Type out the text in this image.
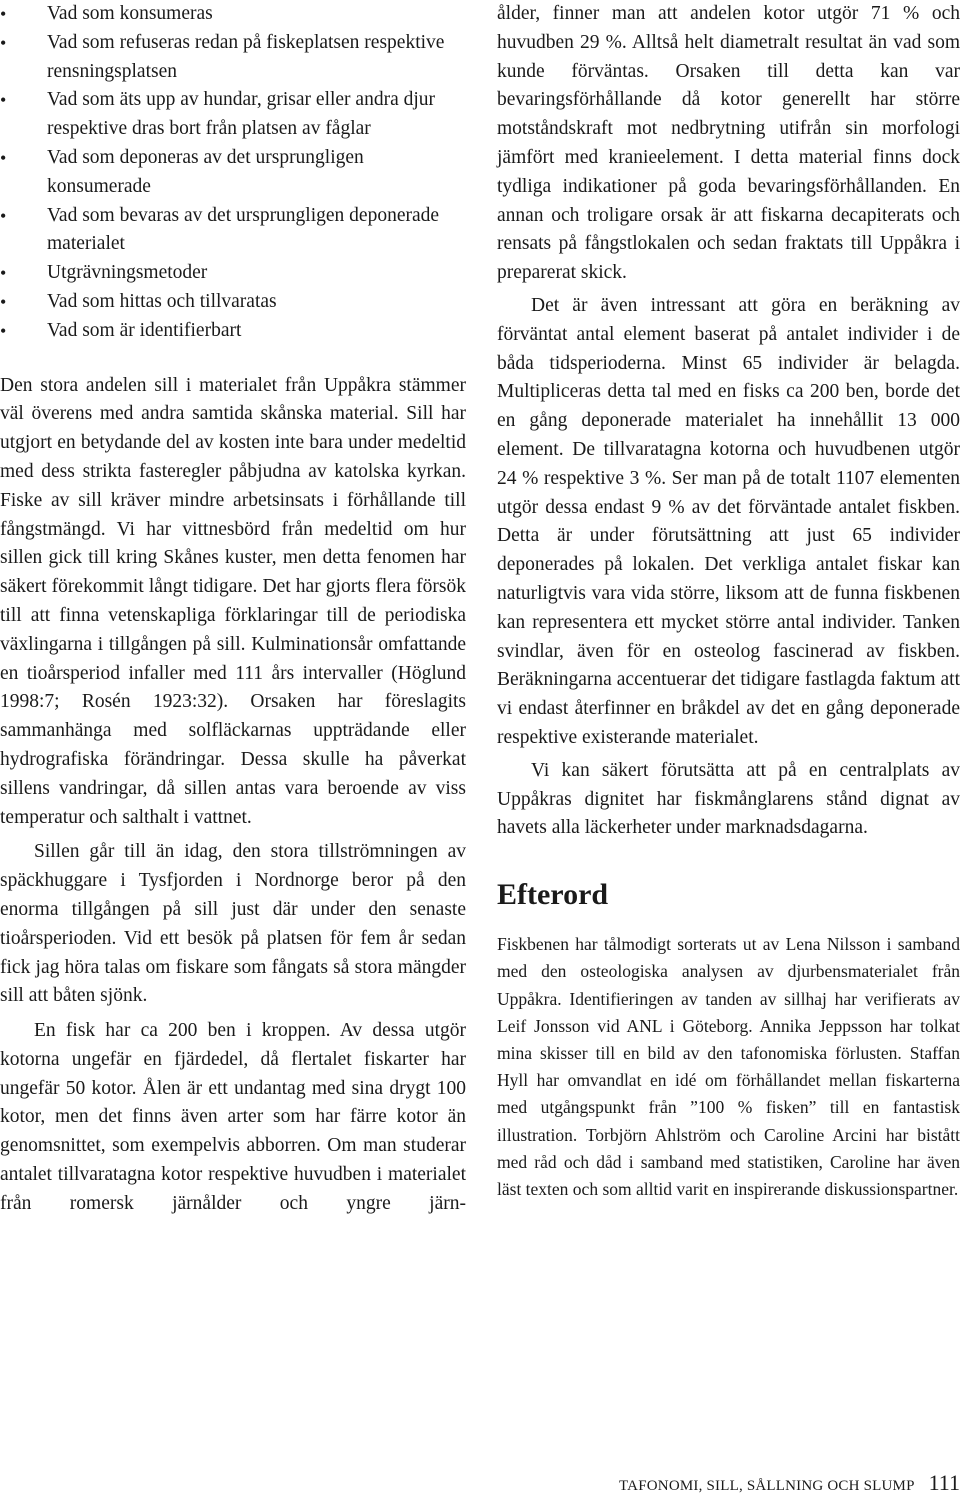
• Vad som konsumeras
• Vad som refuseras redan på fiskeplatsen respektive rensningsplatsen
• Vad som äts upp av hundar, grisar eller andra djur respektive dras bort från platsen av fåglar
• Vad som deponeras av det ursprungligen konsumerade
• Vad som bevaras av det ursprungligen deponerade materialet
• Utgrävningsmetoder
• Vad som hittas och tillvaratas
• Vad som är identifierbart

Den stora andelen sill i materialet från Uppåkra stämmer väl överens med andra samtida skånska material. Sill har utgjort en betydande del av kosten inte bara under medeltid med dess strikta fasteregler påbjudna av katolska kyrkan. Fiske av sill kräver mindre arbetsinsats i förhållande till fångstmängd. Vi har vittnesbörd från medeltid om hur sillen gick till kring Skånes kuster, men detta fenomen har säkert förekommit långt tidigare. Det har gjorts flera försök till att finna vetenskapliga förklaringar till de periodiska växlingarna i tillgången på sill. Kulminationsår omfattande en tioårsperiod infaller med 111 års intervaller (Höglund 1998:7; Rosén 1923:32). Orsaken har föreslagits sammanhänga med solfläckarnas uppträdande eller hydrografiska förändringar. Dessa skulle ha påverkat sillens vandringar, då sillen antas vara beroende av viss temperatur och salthalt i vattnet.

Sillen går till än idag, den stora tillströmningen av späckhuggare i Tysfjorden i Nordnorge beror på den enorma tillgången på sill just där under den senaste tioårsperioden. Vid ett besök på platsen för fem år sedan fick jag höra talas om fiskare som fångats så stora mängder sill att båten sjönk.

En fisk har ca 200 ben i kroppen. Av dessa utgör kotorna ungefär en fjärdedel, då flertalet fiskarter har ungefär 50 kotor. Ålen är ett undantag med sina drygt 100 kotor, men det finns även arter som har färre kotor än genomsnittet, som exempelvis abborren. Om man studerar antalet tillvaratagna kotor respektive huvudben i materialet från romersk järnålder och yngre järn-

ålder, finner man att andelen kotor utgör 71 % och huvudben 29 %. Alltså helt diametralt resultat än vad som kunde förväntas. Orsaken till detta kan var bevaringsförhållande då kotor generellt har större motståndskraft mot nedbrytning utifrån sin morfologi jämfört med kranieelement. I detta material finns dock tydliga indikationer på goda bevaringsförhållanden. En annan och troligare orsak är att fiskarna decapiterats och rensats på fångstlokalen och sedan fraktats till Uppåkra i preparerat skick.

Det är även intressant att göra en beräkning av förväntat antal element baserat på antalet individer i de båda tidsperioderna. Minst 65 individer är belagda. Multipliceras detta tal med en fisks ca 200 ben, borde det en gång deponerade materialet ha innehållit 13 000 element. De tillvaratagna kotorna och huvudbenen utgör 24 % respektive 3 %. Ser man på de totalt 1107 elementen utgör dessa endast 9 % av det förväntade antalet fiskben. Detta är under förutsättning att just 65 individer deponerades på lokalen. Det verkliga antalet fiskar kan naturligtvis vara vida större, liksom att de funna fiskbenen kan representera ett mycket större antal individer. Tanken svindlar, även för en osteolog fascinerad av fiskben. Beräkningarna accentuerar det tidigare fastlagda faktum att vi endast återfinner en bråkdel av det en gång deponerade respektive existerande materialet.

Vi kan säkert förutsätta att på en centralplats av Uppåkras dignitet har fiskmånglarens stånd dignat av havets alla läckerheter under marknadsdagarna.

Efterord

Fiskbenen har tålmodigt sorterats ut av Lena Nilsson i samband med den osteologiska analysen av djurbensmaterialet från Uppåkra. Identifieringen av tanden av sillhaj har verifierats av Leif Jonsson vid ANL i Göteborg. Annika Jeppsson har tolkat mina skisser till en bild av den tafonomiska förlusten. Staffan Hyll har omvandlat en idé om förhållandet mellan fiskarterna med utgångspunkt från ”100 % fisken” till en fantastisk illustration. Torbjörn Ahlström och Caroline Arcini har bistått med råd och dåd i samband med statistiken, Caroline har även läst texten och som alltid varit en inspirerande diskussionspartner.

TAFONOMI, SILL, SÅLLNING OCH SLUMP 111
